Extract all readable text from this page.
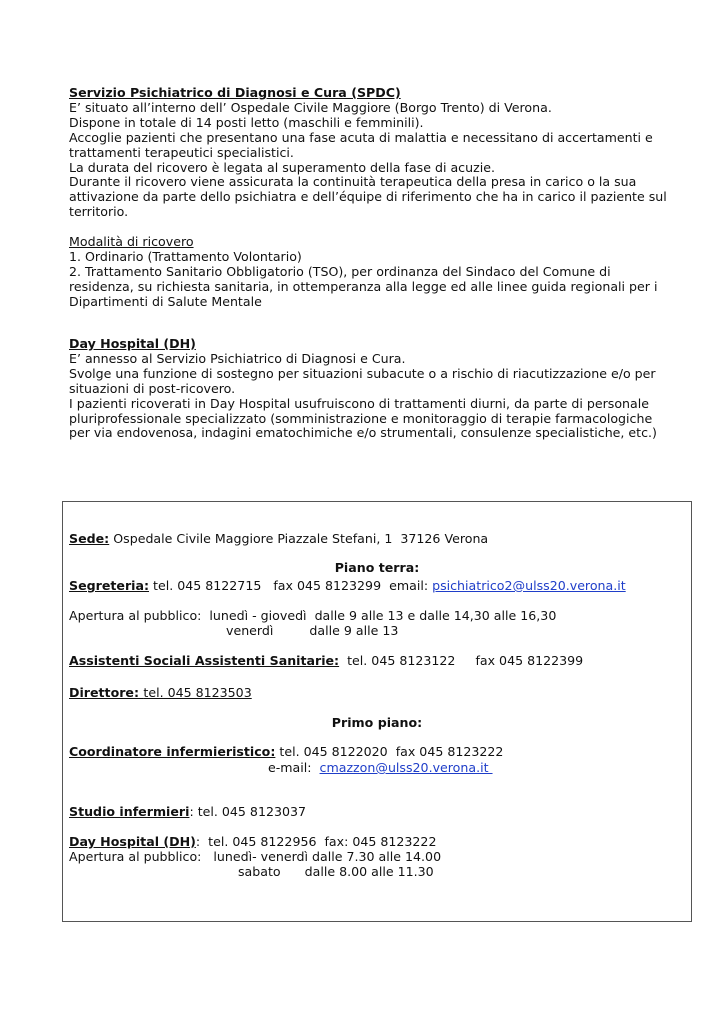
Servizio Psichiatrico di Diagnosi e Cura (SPDC)

E’ situato all’interno dell’ Ospedale Civile Maggiore (Borgo Trento) di Verona.

Dispone in totale di 14 posti letto (maschili e femminili).

Accoglie pazienti che presentano una fase acuta di malattia e necessitano di accertamenti e

trattamenti terapeutici specialistici.

La durata del ricovero è legata al superamento della fase di acuzie.

Durante il ricovero viene assicurata la continuità terapeutica della presa in carico o la sua

attivazione da parte dello psichiatra e dell’équipe di riferimento che ha in carico il paziente sul

territorio.

Modalità di ricovero

1. Ordinario (Trattamento Volontario)

2. Trattamento Sanitario Obbligatorio (TSO), per ordinanza del Sindaco del Comune di

residenza, su richiesta sanitaria, in ottemperanza alla legge ed alle linee guida regionali per i

Dipartimenti di Salute Mentale

Day Hospital (DH)

E’ annesso al Servizio Psichiatrico di Diagnosi e Cura.

Svolge una funzione di sostegno per situazioni subacute o a rischio di riacutizzazione e/o per

situazioni di post-ricovero.

I pazienti ricoverati in Day Hospital usufruiscono di trattamenti diurni, da parte di personale

pluriprofessionale specializzato (somministrazione e monitoraggio di terapie farmacologiche

per via endovenosa, indagini ematochimiche e/o strumentali, consulenze specialistiche, etc.)

Sede: Ospedale Civile Maggiore Piazzale Stefani, 1  37126 Verona
Piano terra:
Segreteria: tel. 045 8122715   fax 045 8123299  email: psichiatrico2@ulss20.verona.it
Apertura al pubblico:  lunedì - giovedì  dalle 9 alle 13 e dalle 14,30 alle 16,30
venerdì         dalle 9 alle 13
Assistenti Sociali Assistenti Sanitarie:  tel. 045 8123122     fax 045 8122399
Direttore: tel. 045 8123503
Primo piano:
Coordinatore infermieristico: tel. 045 8122020  fax 045 8123222
e-mail:  cmazzon@ulss20.verona.it
Studio infermieri: tel. 045 8123037
Day Hospital (DH):  tel. 045 8122956  fax: 045 8123222
Apertura al pubblico:   lunedì- venerdì dalle 7.30 alle 14.00
sabato      dalle 8.00 alle 11.30
